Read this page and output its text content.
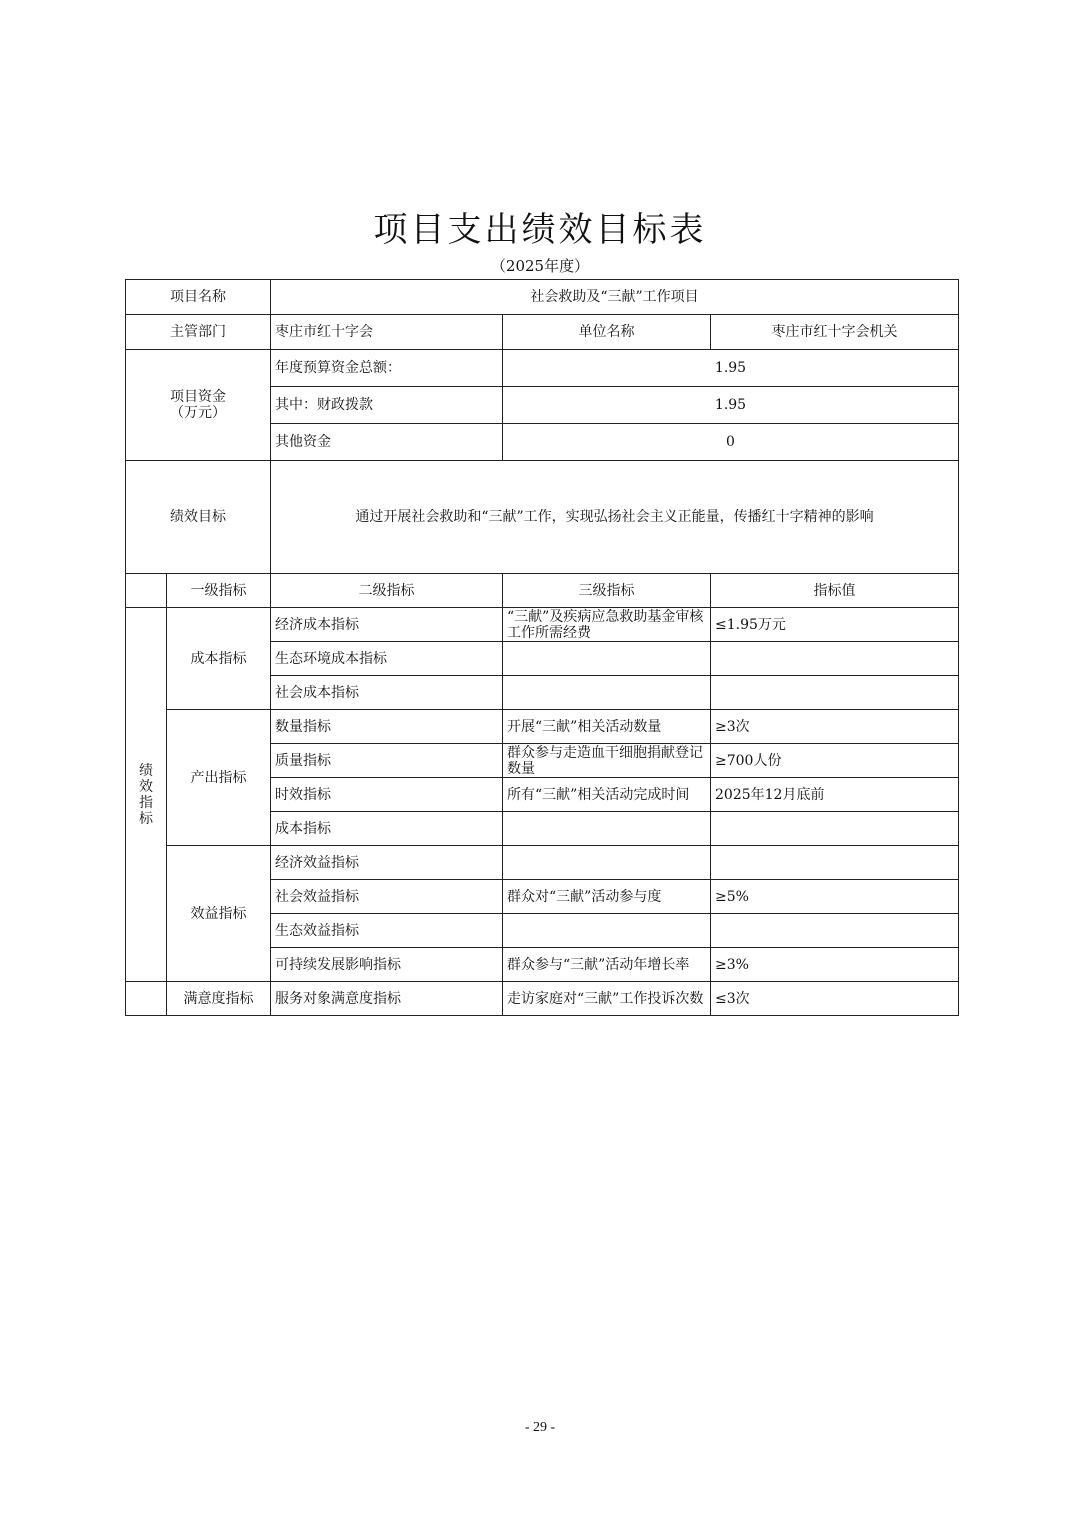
项目支出绩效目标表
（2025年度）
项目名称		社会救助及“三献”工作项目		
主管部门		枣庄市红十字会	单位名称	枣庄市红十字会机关

项目资金
（万元）		年度预算资金总额：	1.95	
		其中：财政拨款	1.95	
		其他资金	0	
绩效目标		通过开展社会救助和“三献”工作，实现弘扬社会主义正能量，传播红十字精神的影响		
	一级指标	二级指标	三级指标	指标值

绩
效
指
标	成本指标	经济成本指标	“三献”及疾病应急救助基金审核工作所需经费	≤1.95万元
		生态环境成本指标		
		社会成本指标		
	产出指标	数量指标	开展“三献”相关活动数量	≥3次
		质量指标	群众参与走造血干细胞捐献登记数量	≥700人份
		时效指标	所有“三献”相关活动完成时间	2025年12月底前
		成本指标		
	效益指标	经济效益指标		
		社会效益指标	群众对“三献”活动参与度	≥5%
		生态效益指标		
		可持续发展影响指标	群众参与“三献”活动年增长率	≥3%
	满意度指标	服务对象满意度指标	走访家庭对“三献”工作投诉次数	≤3次
- 29 -
